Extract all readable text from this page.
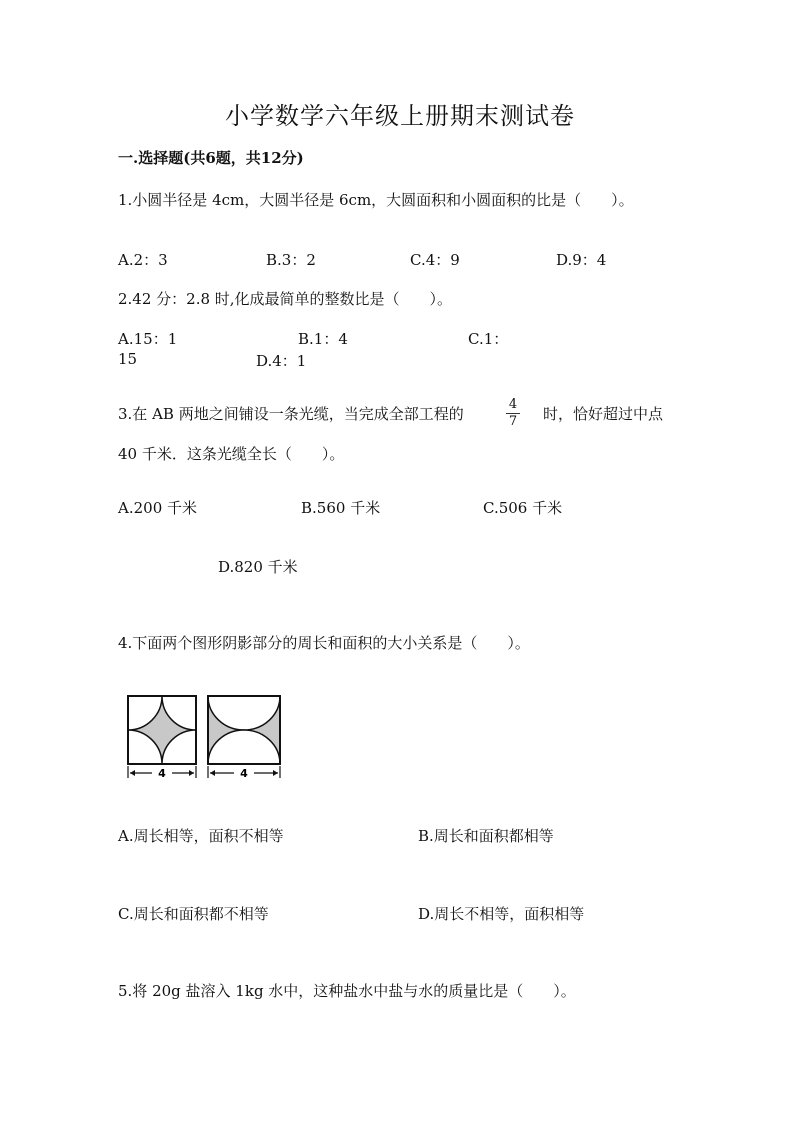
小学数学六年级上册期末测试卷
一.选择题(共6题，共12分)
1.小圆半径是 4cm，大圆半径是 6cm，大圆面积和小圆面积的比是（　　）。
A.2：3	B.3：2	C.4：9	D.9：4
2.42 分：2.8 时,化成最简单的整数比是（　　）。
A.15：1	B.1：4	C.1：
15	D.4：1
3.在 AB 两地之间铺设一条光缆，当完成全部工程的
4
7 时，恰好超过中点
40 千米．这条光缆全长（　　）。
A.200 千米	B.560 千米	C.506 千米
D.820 千米
4.下面两个图形阴影部分的周长和面积的大小关系是（　　）。
4	4
A.周长相等，面积不相等	B.周长和面积都相等
C.周长和面积都不相等	D.周长不相等，面积相等
5.将 20g 盐溶入 1kg 水中，这种盐水中盐与水的质量比是（　　）。
